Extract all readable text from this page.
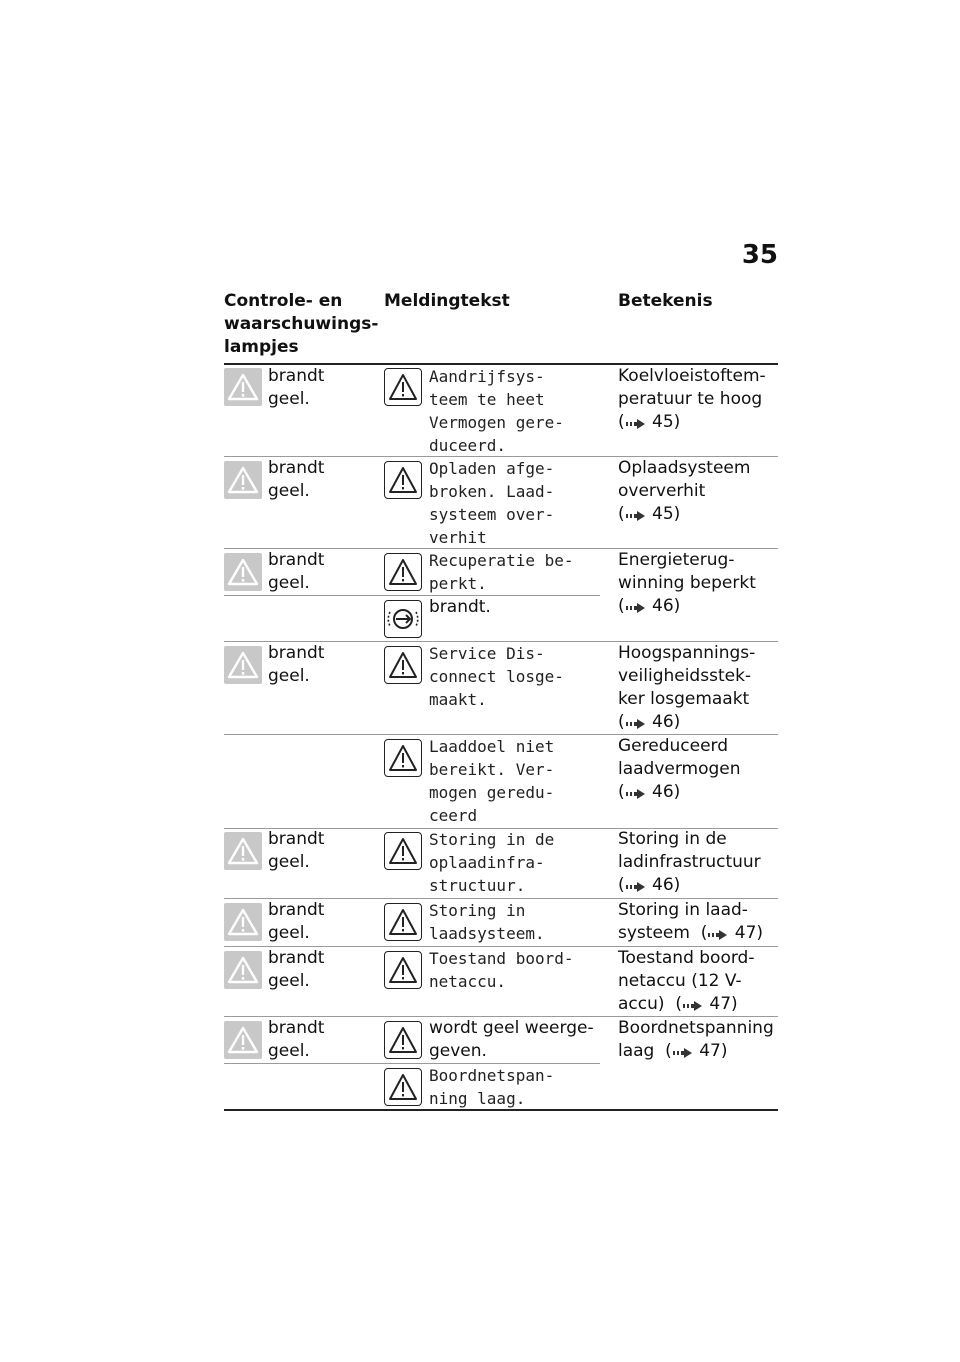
35
Controle- en
waarschuwings-
lampjes
Meldingtekst	Betekenis
brandt
geel.
Aandrijfsys-
teem te heet
Vermogen gere-
duceerd.
Koelvloeistoftem-
peratuur te hoog
( 45)
brandt
geel.
Opladen afge-
broken. Laad-
systeem over-
verhit
Oplaadsysteem
oververhit
( 45)
brandt
geel.
Recuperatie be-
perkt.
Energieterug-
winning beperkt
( 46)
brandt.
brandt
geel.
Service Dis-
connect losge-
maakt.
Hoogspannings-
veiligheidsstek-
ker losgemaakt
( 46)
Laaddoel niet
bereikt. Ver-
mogen geredu-
ceerd
Gereduceerd
laadvermogen
( 46)
brandt
geel.
Storing in de
oplaadinfra-
structuur.
Storing in de
ladinfrastructuur
( 46)
brandt
geel.
Storing in
laadsysteem.
Storing in laad-
systeem  ( 47)
brandt
geel.
Toestand boord-
netaccu.
Toestand boord-
netaccu (12 V-
accu)  ( 47)
brandt
geel.
wordt geel weerge-
geven.
Boordnetspanning
laag  ( 47)
Boordnetspan-
ning laag.
